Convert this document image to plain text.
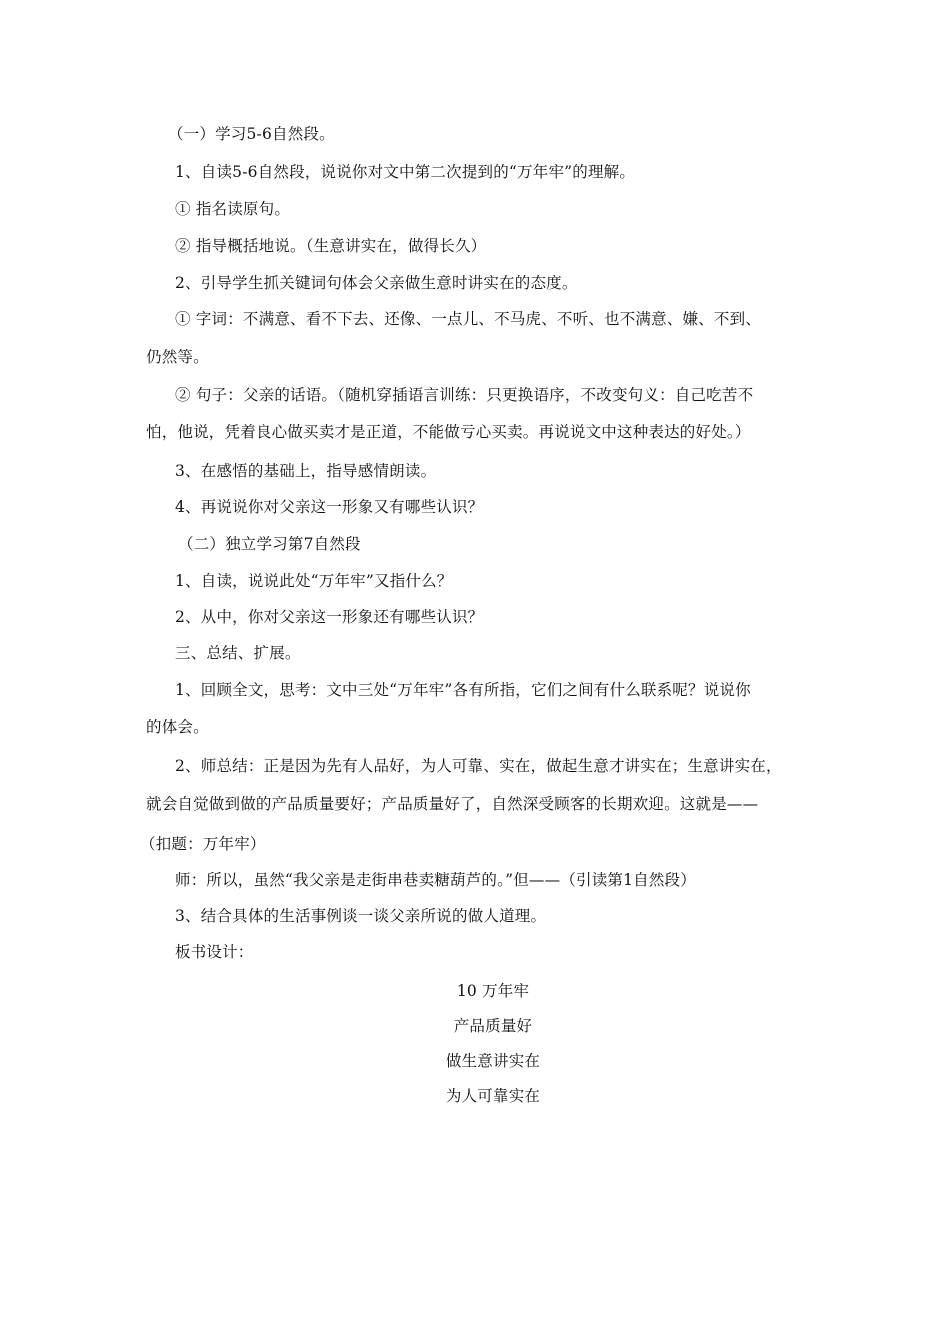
（一）学习5-6自然段。
1、自读5-6自然段，说说你对文中第二次提到的“万年牢”的理解。
① 指名读原句。
② 指导概括地说。（生意讲实在，做得长久）
2、引导学生抓关键词句体会父亲做生意时讲实在的态度。
① 字词：不满意、看不下去、还像、一点儿、不马虎、不听、也不满意、嫌、不到、
仍然等。
② 句子：父亲的话语。（随机穿插语言训练：只更换语序，不改变句义：自己吃苦不
怕，他说，凭着良心做买卖才是正道，不能做亏心买卖。再说说文中这种表达的好处。）
3、在感悟的基础上，指导感情朗读。
4、再说说你对父亲这一形象又有哪些认识？
（二）独立学习第7自然段
1、自读，说说此处“万年牢”又指什么？
2、从中，你对父亲这一形象还有哪些认识？
三、总结、扩展。
1、回顾全文，思考：文中三处“万年牢”各有所指，它们之间有什么联系呢？说说你
的体会。
2、师总结：正是因为先有人品好，为人可靠、实在，做起生意才讲实在；生意讲实在，
就会自觉做到做的产品质量要好；产品质量好了，自然深受顾客的长期欢迎。这就是——
（扣题：万年牢）
师：所以，虽然“我父亲是走街串巷卖糖葫芦的。”但——（引读第1自然段）
3、结合具体的生活事例谈一谈父亲所说的做人道理。
板书设计：
10 万年牢
产品质量好
做生意讲实在
为人可靠实在
